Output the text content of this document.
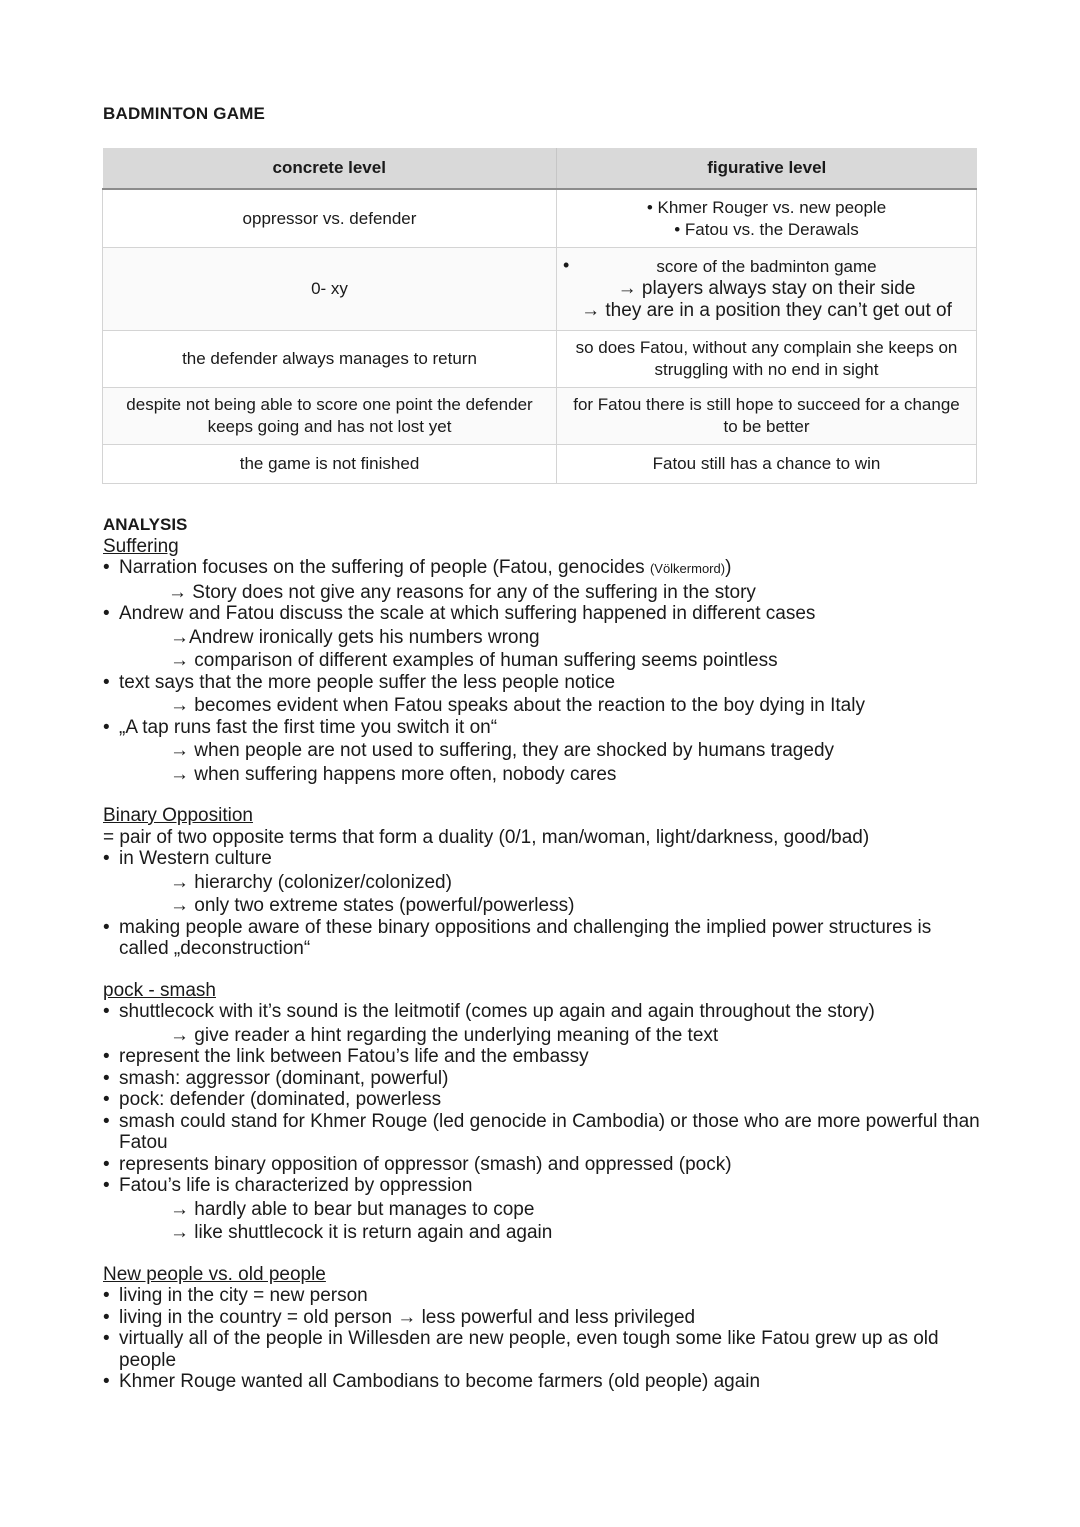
BADMINTON GAME
concrete level	figurative level
oppressor vs. defender	• Khmer Rouger vs. new people
• Fatou vs. the Derawals

0- xy	• score of the badminton game
→ players always stay on their side
→ they are in a position they can’t get out of

the defender always manages to return	so does Fatou, without any complain she keeps on struggling with no end in sight
despite not being able to score one point the defender keeps going and has not lost yet	for Fatou there is still hope to succeed for a change to be better
the game is not finished	Fatou still has a chance to win

ANALYSIS

Suffering

• Narration focuses on the suffering of people (Fatou, genocides (Völkermord))

→ Story does not give any reasons for any of the suffering in the story

• Andrew and Fatou discuss the scale at which suffering happened in different cases

→Andrew ironically gets his numbers wrong

→ comparison of different examples of human suffering seems pointless

• text says that the more people suffer the less people notice

→ becomes evident when Fatou speaks about the reaction to the boy dying in Italy

• „A tap runs fast the first time you switch it on“

→ when people are not used to suffering, they are shocked by humans tragedy

→ when suffering happens more often, nobody cares

Binary Opposition

= pair of two opposite terms that form a duality (0/1, man/woman, light/darkness, good/bad)

• in Western culture

→ hierarchy (colonizer/colonized)

→ only two extreme states (powerful/powerless)

• making people aware of these binary oppositions and challenging the implied power structures is called „deconstruction“

pock - smash

• shuttlecock with it’s sound is the leitmotif (comes up again and again throughout the story)

→ give reader a hint regarding the underlying meaning of the text

• represent the link between Fatou’s life and the embassy

• smash: aggressor (dominant, powerful)

• pock: defender (dominated, powerless

• smash could stand for Khmer Rouge (led genocide in Cambodia) or those who are more powerful than Fatou

• represents binary opposition of oppressor (smash) and oppressed (pock)

• Fatou’s life is characterized by oppression

→ hardly able to bear but manages to cope

→ like shuttlecock it is return again and again

New people vs. old people

• living in the city = new person

• living in the country = old person → less powerful and less privileged

• virtually all of the people in Willesden are new people, even tough some like Fatou grew up as old people

• Khmer Rouge wanted all Cambodians to become farmers (old people) again
